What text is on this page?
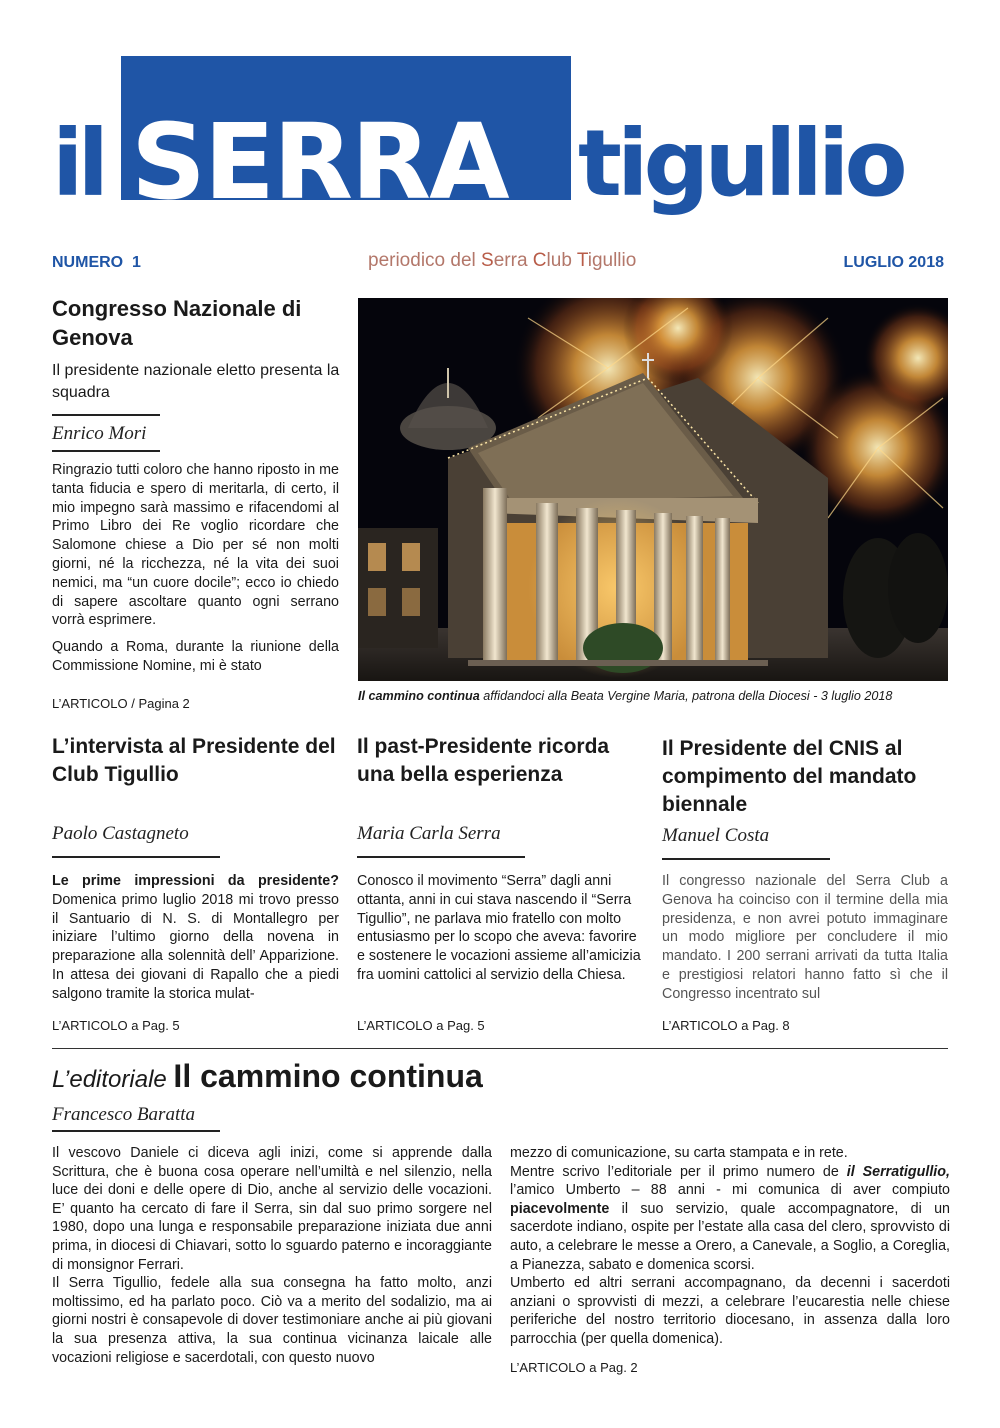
il SERRA tigullio
NUMERO  1	periodico del Serra Club Tigullio	LUGLIO 2018
Congresso Nazionale di Genova
Il presidente nazionale eletto presenta la squadra
Enrico Mori

Ringrazio tutti coloro che hanno riposto in me tanta fiducia e spero di meritarla, di certo, il mio impegno sarà massimo e rifacendomi al Primo Libro dei Re voglio ricordare che Salomone chiese a Dio per sé non molti giorni, né la ricchezza, né la vita dei suoi nemici, ma “un cuore docile”; ecco io chiedo di sapere ascoltare quanto ogni serrano vorrà esprimere.

Quando a Roma, durante la riunione della Commissione Nomine, mi è stato

L’ARTICOLO / Pagina 2	Il cammino continua affidandoci alla Beata Vergine Maria, patrona della Diocesi - 3 luglio 2018
L’intervista al Presidente del Club Tigullio
Paolo Castagneto
Le prime impressioni da presidente? Domenica primo luglio 2018 mi trovo presso il Santuario di N. S. di Montallegro per iniziare l’ultimo giorno della novena in preparazione alla solennità dell’ Apparizione. In attesa dei giovani di Rapallo che a piedi salgono tramite la storica mulat-
L’ARTICOLO a Pag. 5
Il past-Presidente ricorda una bella esperienza
Maria Carla Serra
Conosco il movimento “Serra” dagli anni ottanta, anni in cui stava nascendo il “Serra Tigullio”, ne parlava mio fratello con molto entusiasmo per lo scopo che aveva: favorire e sostenere le vocazioni assieme all’amicizia fra uomini cattolici al servizio della Chiesa.
L’ARTICOLO a Pag. 5
Il Presidente del CNIS al compimento del mandato biennale
Manuel Costa
Il congresso nazionale del Serra Club a Genova ha coinciso con il termine della mia presidenza, e non avrei potuto immaginare un modo migliore per concludere il mio mandato. I 200 serrani arrivati da tutta Italia e prestigiosi relatori hanno fatto sì che il Congresso incentrato sul
L’ARTICOLO a Pag. 8
L’editoriale Il cammino continua
Francesco Baratta
Il vescovo Daniele ci diceva agli inizi, come si apprende dalla Scrittura, che è buona cosa operare nell’umiltà e nel silenzio, nella luce dei doni e delle opere di Dio, anche al servizio delle vocazioni. E’ quanto ha cercato di fare il Serra, sin dal suo primo sorgere nel 1980, dopo una lunga e responsabile preparazione iniziata due anni prima, in diocesi di Chiavari, sotto lo sguardo paterno e incoraggiante di monsignor Ferrari.
Il Serra Tigullio, fedele alla sua consegna ha fatto molto, anzi moltissimo, ed ha parlato poco. Ciò va a merito del sodalizio, ma ai giorni nostri è consapevole di dover testimoniare anche ai più giovani la sua presenza attiva, la sua continua vicinanza laicale alle vocazioni religiose e sacerdotali, con questo nuovo
mezzo di comunicazione, su carta stampata e in rete.
Mentre scrivo l’editoriale per il primo numero de il Serratigullio, l’amico Umberto – 88 anni - mi comunica di aver compiuto piacevolmente il suo servizio, quale accompagnatore, di un sacerdote indiano, ospite per l’estate alla casa del clero, sprovvisto di auto, a celebrare le messe a Orero, a Canevale, a Soglio, a Coreglia, a Pianezza, sabato e domenica scorsi.
Umberto ed altri serrani accompagnano, da decenni i sacerdoti anziani o sprovvisti di mezzi, a celebrare l’eucarestia nelle chiese periferiche del nostro territorio diocesano, in assenza dalla loro parrocchia (per quella domenica).
L’ARTICOLO a Pag. 2
